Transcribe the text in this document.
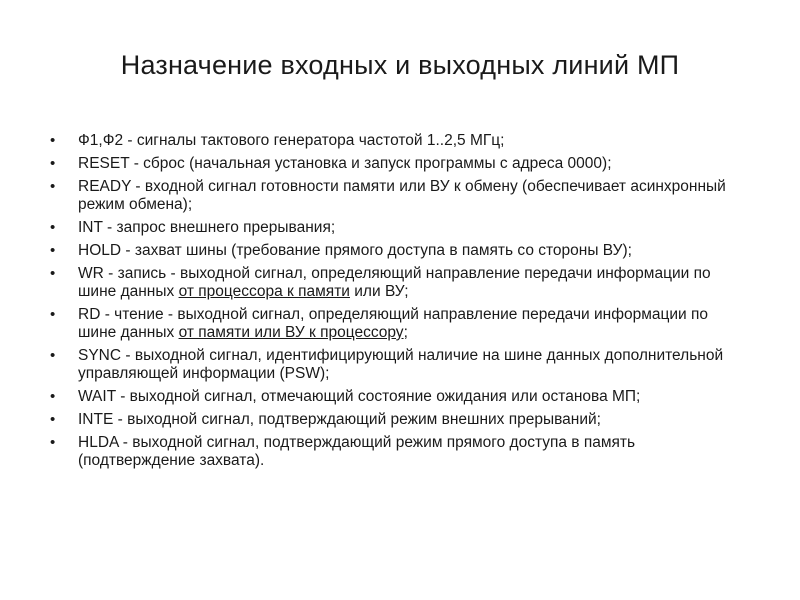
Назначение входных и выходных линий МП
• Ф1,Ф2 - сигналы тактового генератора частотой 1..2,5 МГц;
• RESET - сброс (начальная установка и запуск программы с адреса 0000);
• READY - входной сигнал готовности памяти или ВУ к обмену (обеспечивает асинхронный режим обмена);
• INT - запрос внешнего прерывания;
• HOLD - захват шины (требование прямого доступа в память со стороны ВУ);
• WR - запись - выходной сигнал, определяющий направление передачи информации по шине данных от процессора к памяти или ВУ;
• RD - чтение - выходной сигнал, определяющий направление передачи информации по шине данных от памяти или ВУ к процессору;
• SYNC - выходной сигнал, идентифицирующий наличие на шине данных дополнительной управляющей информации (PSW);
• WAIT - выходной сигнал, отмечающий состояние ожидания или останова МП;
• INTE - выходной сигнал, подтверждающий режим внешних прерываний;
• HLDA - выходной сигнал, подтверждающий режим прямого доступа в память (подтверждение захвата).
